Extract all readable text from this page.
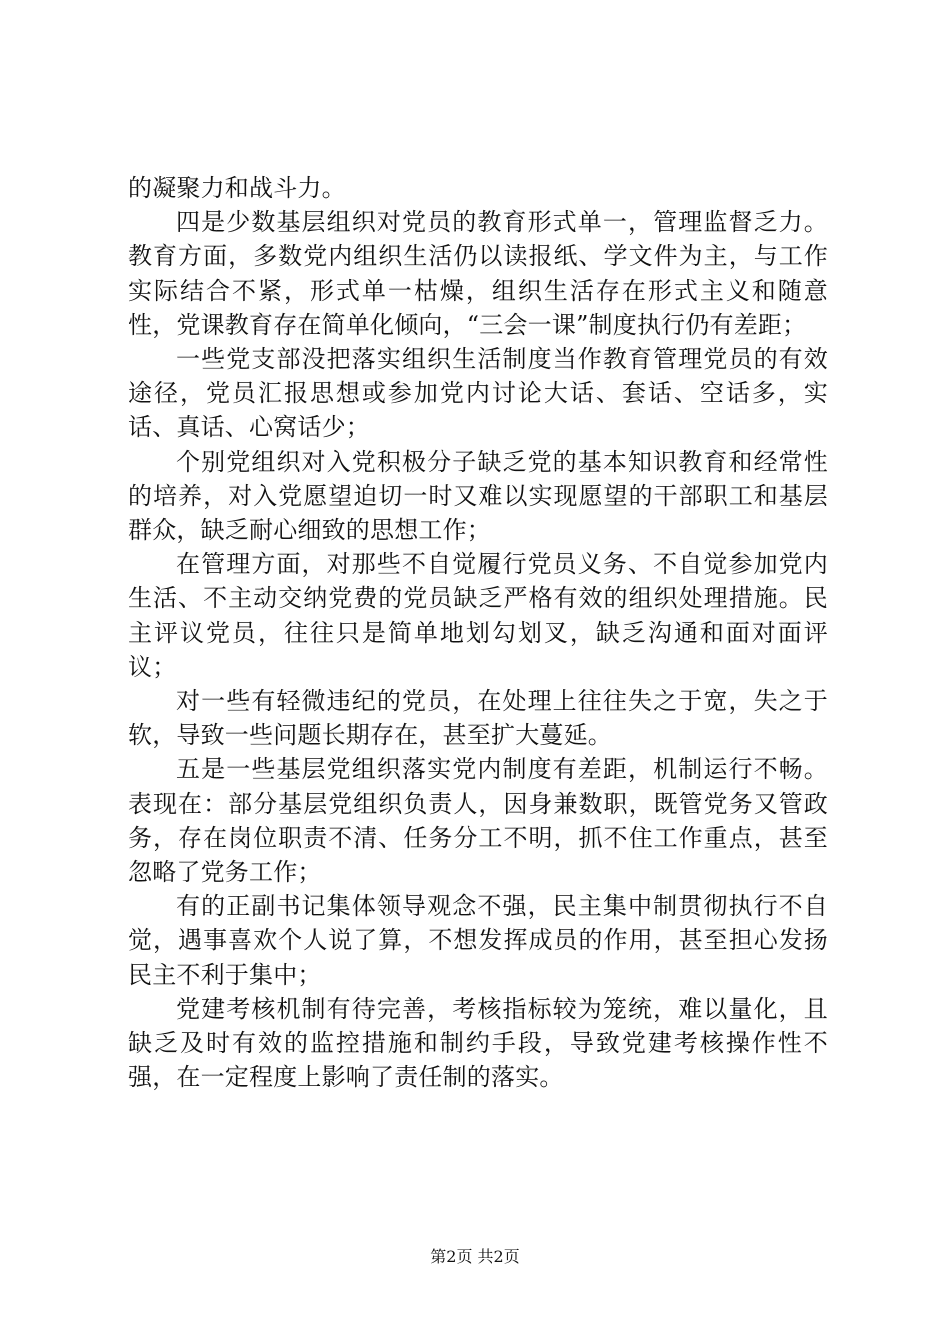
的凝聚力和战斗力。

四是少数基层组织对党员的教育形式单一，管理监督乏力。教育方面，多数党内组织生活仍以读报纸、学文件为主，与工作实际结合不紧，形式单一枯燥，组织生活存在形式主义和随意性，党课教育存在简单化倾向，“三会一课”制度执行仍有差距；

一些党支部没把落实组织生活制度当作教育管理党员的有效途径，党员汇报思想或参加党内讨论大话、套话、空话多，实话、真话、心窝话少；

个别党组织对入党积极分子缺乏党的基本知识教育和经常性的培养，对入党愿望迫切一时又难以实现愿望的干部职工和基层群众，缺乏耐心细致的思想工作；

在管理方面，对那些不自觉履行党员义务、不自觉参加党内生活、不主动交纳党费的党员缺乏严格有效的组织处理措施。民主评议党员，往往只是简单地划勾划叉，缺乏沟通和面对面评议；

对一些有轻微违纪的党员，在处理上往往失之于宽，失之于软，导致一些问题长期存在，甚至扩大蔓延。

五是一些基层党组织落实党内制度有差距，机制运行不畅。表现在：部分基层党组织负责人，因身兼数职，既管党务又管政务，存在岗位职责不清、任务分工不明，抓不住工作重点，甚至忽略了党务工作；

有的正副书记集体领导观念不强，民主集中制贯彻执行不自觉，遇事喜欢个人说了算，不想发挥成员的作用，甚至担心发扬民主不利于集中；

党建考核机制有待完善，考核指标较为笼统，难以量化，且缺乏及时有效的监控措施和制约手段，导致党建考核操作性不强，在一定程度上影响了责任制的落实。

第2页 共2页
